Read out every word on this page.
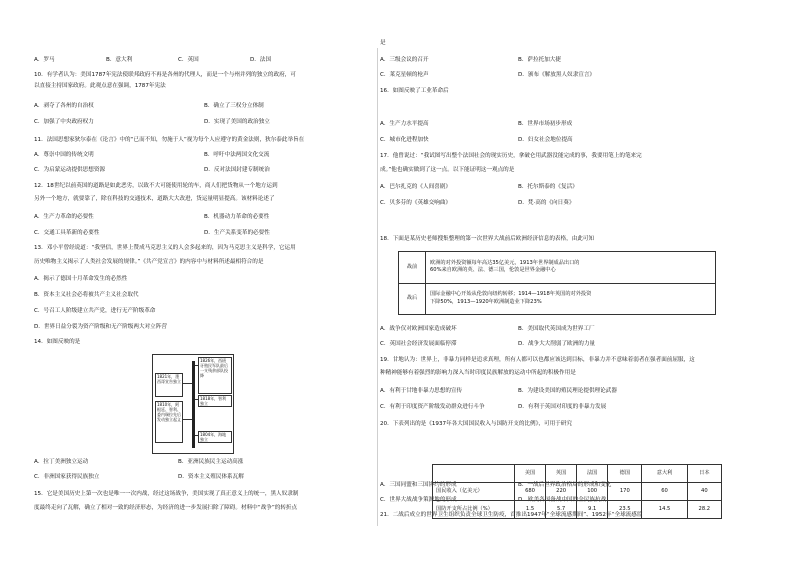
A．罗马	B．意大利	C．英国	D．法国
10．有学者认为：美国1787年宪法使联邦政府不再是各州的代理人，而是一个与州并列的独立的政府，可
以直接主持国家政府。此观点意在强调，1787年宪法
A．剥夺了各州的自治权	B．确立了三权分立体制
C．加强了中央政府权力	D．实现了美国的政治独立
11．法国思想家狄尔泰在《论言》中的“已而不知，勿施于人”视为每个人应遵守的黄金法则，狄尔泰此举旨在
A．尊崇中国的传统文明	B．呼吁中法两国文化交流
C．为启蒙运动提供思想资源	D．反对法国封建专制统治
12．18世纪以前英国的道路是如此恶劣，以致不大可能使用轮的车，商人们把货物从一个地方运到
另外一个地方，就要靠了，除在科技的交通技术，道路大大改进，货运量明显提高。该材料论述了
A．生产力革命的必要性	B．机器动力革命的必要性
C．交通工具革新的必要性	D．生产关系变革的必要性
13．邓小平曾经说道：“我坚信，世界上赞成马克思主义的人会多起来的，因为马克思主义是科学，它运用
历史唯物主义揭示了人类社会发展的规律。”《共产党宣言》的内容中与材料所述最相符合的是
A．揭示了德国十月革命发生的必然性
B．资本主义社会必将被共产主义社会取代
C．号召工人阶级建立共产党，进行无产阶级革命
D．世界日益分裂为资产阶级和无产阶级两大对立阵营
14．如图反映的是
A．拉丁美洲独立运动	B．亚洲民族民主运动高涨
C．非洲国家获得民族独立	D．资本主义殖民体系瓦解
15．它是美国历史上第一次也是唯一一次内战，经过这场战争，美国实现了真正意义上的统一，黑人奴隶制
度最终走向了瓦解，确立了相对一致的经济形态，为经济的进一步发展扫除了障碍。材料中“战争”的转折点
1826年，西班牙殖民军队最后一支残余部队投降
1818年，智利独立
1804年，海地独立
1821年，墨西哥宣告独立
1810年，阿根廷、智利、委内瑞拉先后发动独立起义
是
A．三级会议的召开	B．萨拉托加大捷
C．莱克星顿的枪声	D．颁布《解放黑人奴隶宣言》
16．如图反映了工业革命后
A．生产力水平提高	B．世界市场初步形成
C．城市化进程加快	D．妇女社会地位提高
17．他曾说过：“我试图写出整个法国社会的现实历史，拿破仑用武器没能完成的事，我要用笔上的笔来完
成。”他也确实做到了这一点。以下能证明这一观点的是
A．巴尔扎克的《人间喜剧》	B．托尔斯泰的《复活》
C．贝多芬的《英雄交响曲》	D．梵·高的《向日葵》
18．下面是某历史老师搜集整理的第一次世界大战前后欧洲经济信息的表格，由此可知
A．战争仅对欧洲国家造成破坏	B．美国取代英国成为世界工厂
C．英国社会经济发展面临停滞	D．战争大大削弱了欧洲的力量
19．甘地认为：世界上，非暴力同样是追求真理，所有人都可以也都应该达到目标，非暴力并不意味着弱者在强者面前屈服，这
种精神能够有着强烈的影响力深入当时印度民族解放的运动中所起的积极作用是
A．有利于甘地非暴力思想的宣传	B．为建设美国的殖民理论提供理论武器
C．有利于印度资产阶级发动群众进行斗争	D．有利于英国对印度的非暴力发展
20．下表列出的是《1937年各大国国民收入与国防开支的比例》，可用于研究
A．三国同盟和三国协约的形成	B．一战后世界政治格局的形成和变化
C．世界大战战争策源地的形成	D．欧美各国备战中国的全民族抗战
21．二战后成立的世界卫生组织负责全球卫生防疫，首推出1947年“全球流感期间”、1952年“全球流感监
战前	欧洲的对外投资额每年高达35亿美元，1913年世界制成品出口的
60%来自欧洲的英、法、德三国，伦敦是世界金融中心

战后	国际金融中心开始从伦敦向纽约转移；1914—1918年英国的对外投资
下降50%，1913—1920年欧洲制造业下降23%
	美国	英国	法国	德国	意大利	日本
国民收入（亿美元）	680	220	100	170	60	40
国防开支所占比例（%）	1.5	5.7	9.1	23.5	14.5	28.2
